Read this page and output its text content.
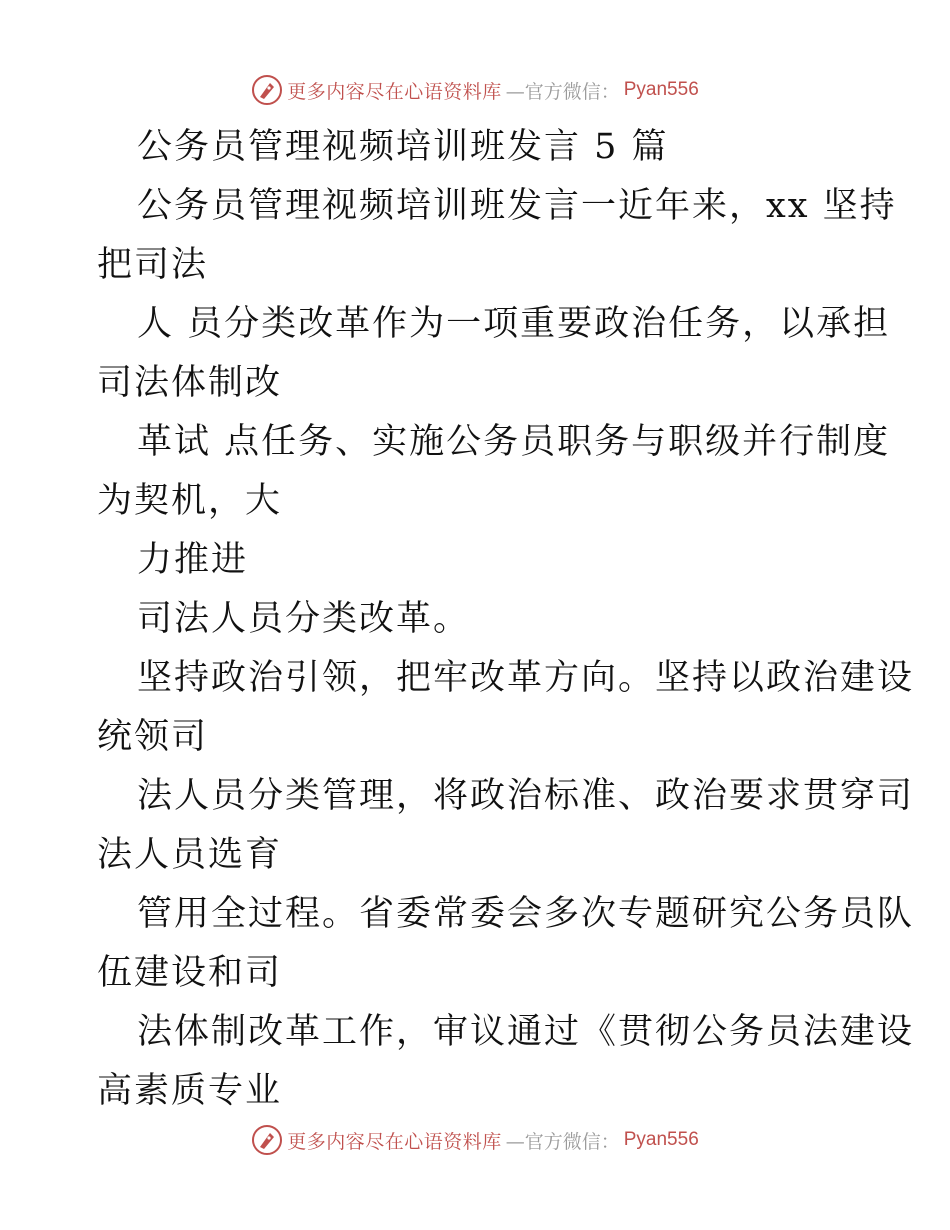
更多内容尽在心语资料库 —官方微信： Pyan556
公务员管理视频培训班发言 5 篇
公务员管理视频培训班发言一近年来，xx 坚持
把司法
人 员分类改革作为一项重要政治任务，以承担
司法体制改
革试 点任务、实施公务员职务与职级并行制度
为契机，大
力推进
司法人员分类改革。
坚持政治引领，把牢改革方向。坚持以政治建设
统领司
法人员分类管理，将政治标准、政治要求贯穿司
法人员选育
管用全过程。省委常委会多次专题研究公务员队
伍建设和司
法体制改革工作，审议通过《贯彻公务员法建设
高素质专业
更多内容尽在心语资料库 —官方微信： Pyan556
